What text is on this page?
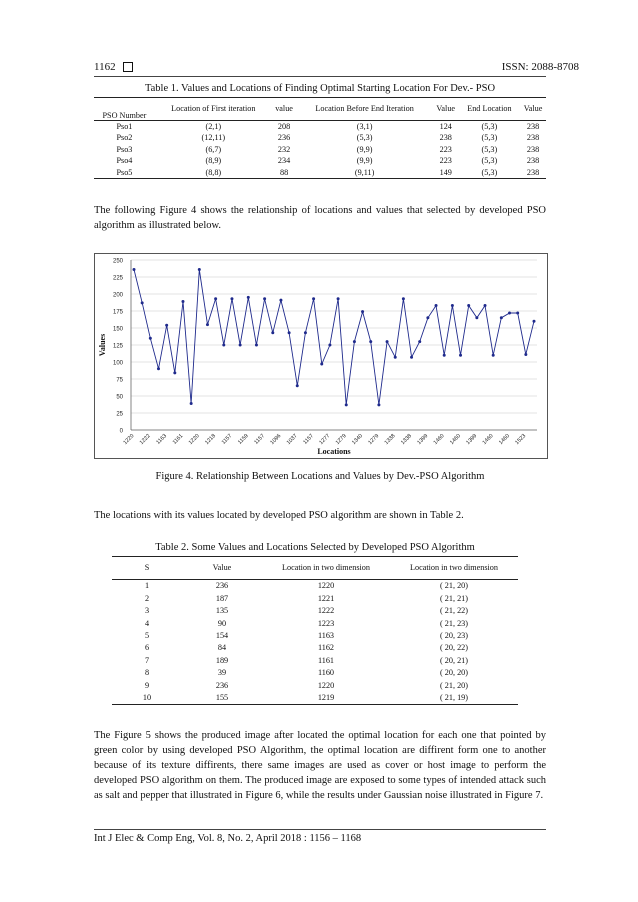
1162	ISSN: 2088-8708
Table 1. Values and Locations of Finding Optimal Starting Location For Dev.- PSO
PSO Number	Location of First iteration	value	Location Before End Iteration	Value	End Location	Value
Pso1	(2,1)	208	(3,1)	124	(5,3)	238
Pso2	(12,11)	236	(5,3)	238	(5,3)	238
Pso3	(6,7)	232	(9,9)	223	(5,3)	238
Pso4	(8,9)	234	(9,9)	223	(5,3)	238
Pso5	(8,8)	88	(9,11)	149	(5,3)	238
The following Figure 4 shows the relationship of locations and values that selected by developed PSO algorithm as illustrated below.
0
25
50
75
100
125
150
175
200
225
250
1220 1222 1163 1161 1220 1218 1157 1159 1157 1096 1037 1157 1277 1279 1340 1279 1338 1338 1399 1460 1460 1399 1460 1460 1523
Locations
Values
Figure 4. Relationship Between Locations and Values by Dev.-PSO Algorithm
The locations with its values located by developed PSO algorithm are shown in Table 2.
Table 2. Some Values and Locations Selected by Developed PSO Algorithm
S	Value	Location in two dimension	Location in two dimension
1	236	1220	( 21, 20)
2	187	1221	( 21, 21)
3	135	1222	( 21, 22)
4	90	1223	( 21, 23)
5	154	1163	( 20, 23)
6	84	1162	( 20, 22)
7	189	1161	( 20, 21)
8	39	1160	( 20, 20)
9	236	1220	( 21, 20)
10	155	1219	( 21, 19)
The Figure 5 shows the produced image after located the optimal location for each one that pointed by green color by using developed PSO Algorithm, the optimal location are diffirent form one to another because of its texture diffirents, there same images are used as cover or host image to perform the developed PSO algorithm on them. The produced image are exposed to some types of intended attack such as salt and pepper that illustrated in Figure 6, while the results under Gaussian noise illustrated in Figure 7.
Int J Elec & Comp Eng, Vol. 8, No. 2, April 2018 : 1156 – 1168
